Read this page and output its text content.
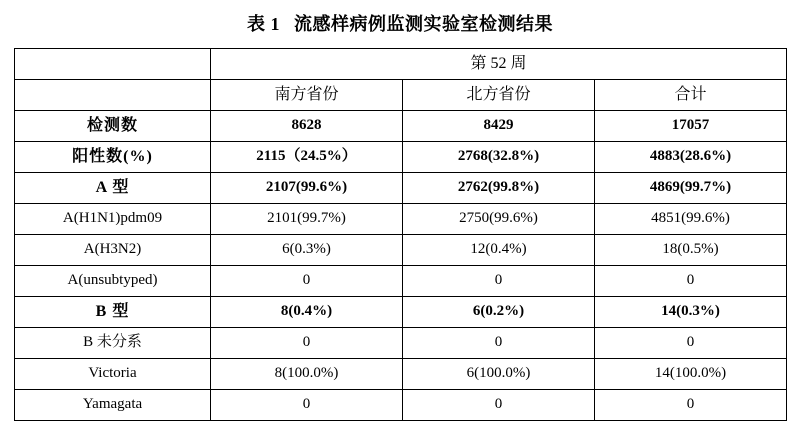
表 1 流感样病例监测实验室检测结果
	第 52 周		
	南方省份	北方省份	合计
检测数	8628	8429	17057
阳性数(%)	2115（24.5%）	2768(32.8%)	4883(28.6%)
A 型	2107(99.6%)	2762(99.8%)	4869(99.7%)
A(H1N1)pdm09	2101(99.7%)	2750(99.6%)	4851(99.6%)
A(H3N2)	6(0.3%)	12(0.4%)	18(0.5%)
A(unsubtyped)	0	0	0
B 型	8(0.4%)	6(0.2%)	14(0.3%)
B 未分系	0	0	0
Victoria	8(100.0%)	6(100.0%)	14(100.0%)
Yamagata	0	0	0
